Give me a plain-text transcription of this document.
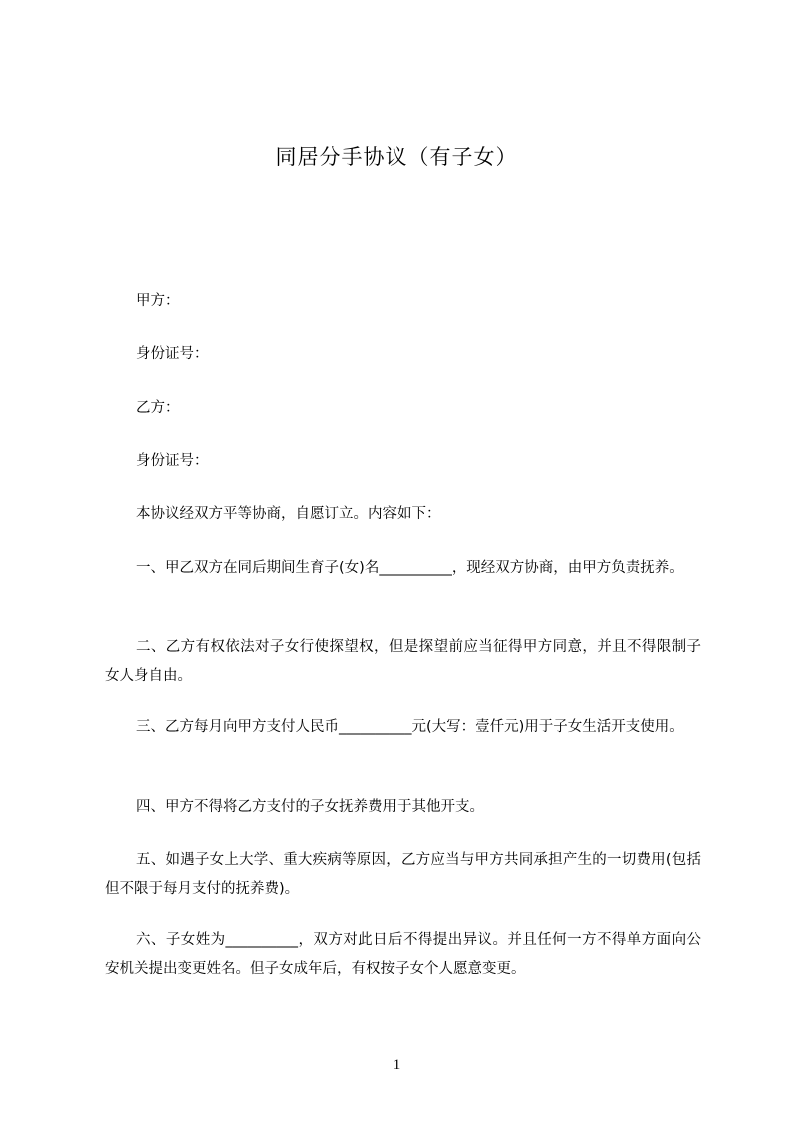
同居分手协议（有子女）
甲方：
身份证号：
乙方：
身份证号：
本协议经双方平等协商，自愿订立。内容如下：
一、甲乙双方在同后期间生育子(女)名__________，现经双方协商，由甲方负责抚养。
二、乙方有权依法对子女行使探望权，但是探望前应当征得甲方同意，并且不得限制子女人身自由。
三、乙方每月向甲方支付人民币__________元(大写：壹仟元)用于子女生活开支使用。
四、甲方不得将乙方支付的子女抚养费用于其他开支。
五、如遇子女上大学、重大疾病等原因，乙方应当与甲方共同承担产生的一切费用(包括但不限于每月支付的抚养费)。
六、子女姓为__________，双方对此日后不得提出异议。并且任何一方不得单方面向公安机关提出变更姓名。但子女成年后，有权按子女个人愿意变更。
1
